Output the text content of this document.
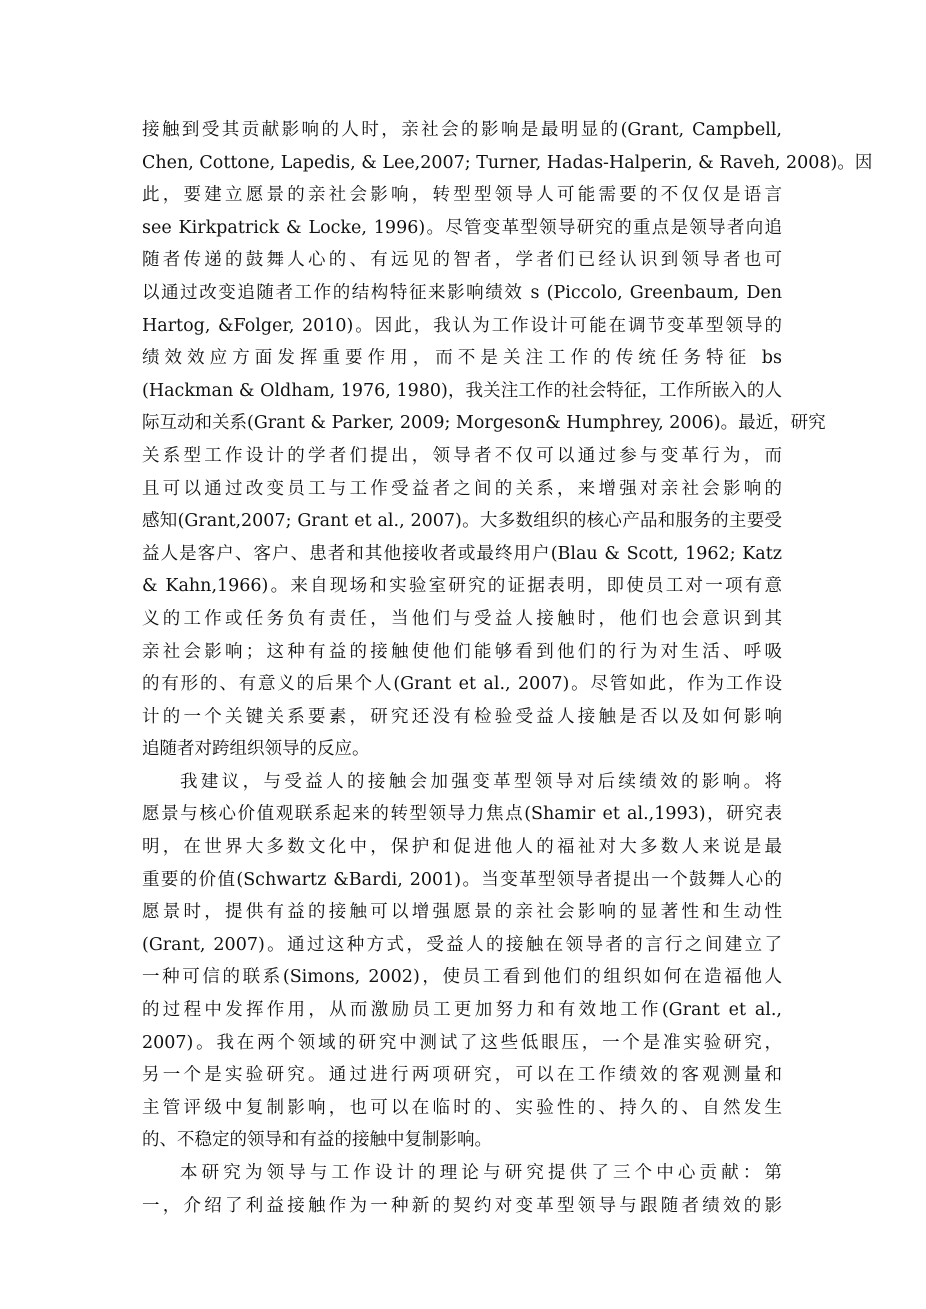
接触到受其贡献影响的人时，亲社会的影响是最明显的(Grant, Campbell,
Chen, Cottone, Lapedis, & Lee,2007; Turner, Hadas-Halperin, & Raveh, 2008)。因
此，要建立愿景的亲社会影响，转型型领导人可能需要的不仅仅是语言
see Kirkpatrick & Locke, 1996)。尽管变革型领导研究的重点是领导者向追
随者传递的鼓舞人心的、有远见的智者，学者们已经认识到领导者也可
以通过改变追随者工作的结构特征来影响绩效 s (Piccolo, Greenbaum, Den
Hartog, &Folger, 2010)。因此，我认为工作设计可能在调节变革型领导的
绩效效应方面发挥重要作用，而不是关注工作的传统任务特征 bs
(Hackman & Oldham, 1976, 1980)，我关注工作的社会特征，工作所嵌入的人
际互动和关系(Grant & Parker, 2009; Morgeson& Humphrey, 2006)。最近，研究
关系型工作设计的学者们提出，领导者不仅可以通过参与变革行为，而
且可以通过改变员工与工作受益者之间的关系，来增强对亲社会影响的
感知(Grant,2007; Grant et al., 2007)。大多数组织的核心产品和服务的主要受
益人是客户、客户、患者和其他接收者或最终用户(Blau & Scott, 1962; Katz
& Kahn,1966)。来自现场和实验室研究的证据表明，即使员工对一项有意
义的工作或任务负有责任，当他们与受益人接触时，他们也会意识到其
亲社会影响；这种有益的接触使他们能够看到他们的行为对生活、呼吸
的有形的、有意义的后果个人(Grant et al., 2007)。尽管如此，作为工作设
计的一个关键关系要素，研究还没有检验受益人接触是否以及如何影响
追随者对跨组织领导的反应。
我建议，与受益人的接触会加强变革型领导对后续绩效的影响。将
愿景与核心价值观联系起来的转型领导力焦点(Shamir et al.,1993)，研究表
明，在世界大多数文化中，保护和促进他人的福祉对大多数人来说是最
重要的价值(Schwartz &Bardi, 2001)。当变革型领导者提出一个鼓舞人心的
愿景时，提供有益的接触可以增强愿景的亲社会影响的显著性和生动性
(Grant, 2007)。通过这种方式，受益人的接触在领导者的言行之间建立了
一种可信的联系(Simons, 2002)，使员工看到他们的组织如何在造福他人
的过程中发挥作用，从而激励员工更加努力和有效地工作(Grant et al.,
2007)。我在两个领域的研究中测试了这些低眼压，一个是准实验研究，
另一个是实验研究。通过进行两项研究，可以在工作绩效的客观测量和
主管评级中复制影响，也可以在临时的、实验性的、持久的、自然发生
的、不稳定的领导和有益的接触中复制影响。
本研究为领导与工作设计的理论与研究提供了三个中心贡献：第
一，介绍了利益接触作为一种新的契约对变革型领导与跟随者绩效的影
